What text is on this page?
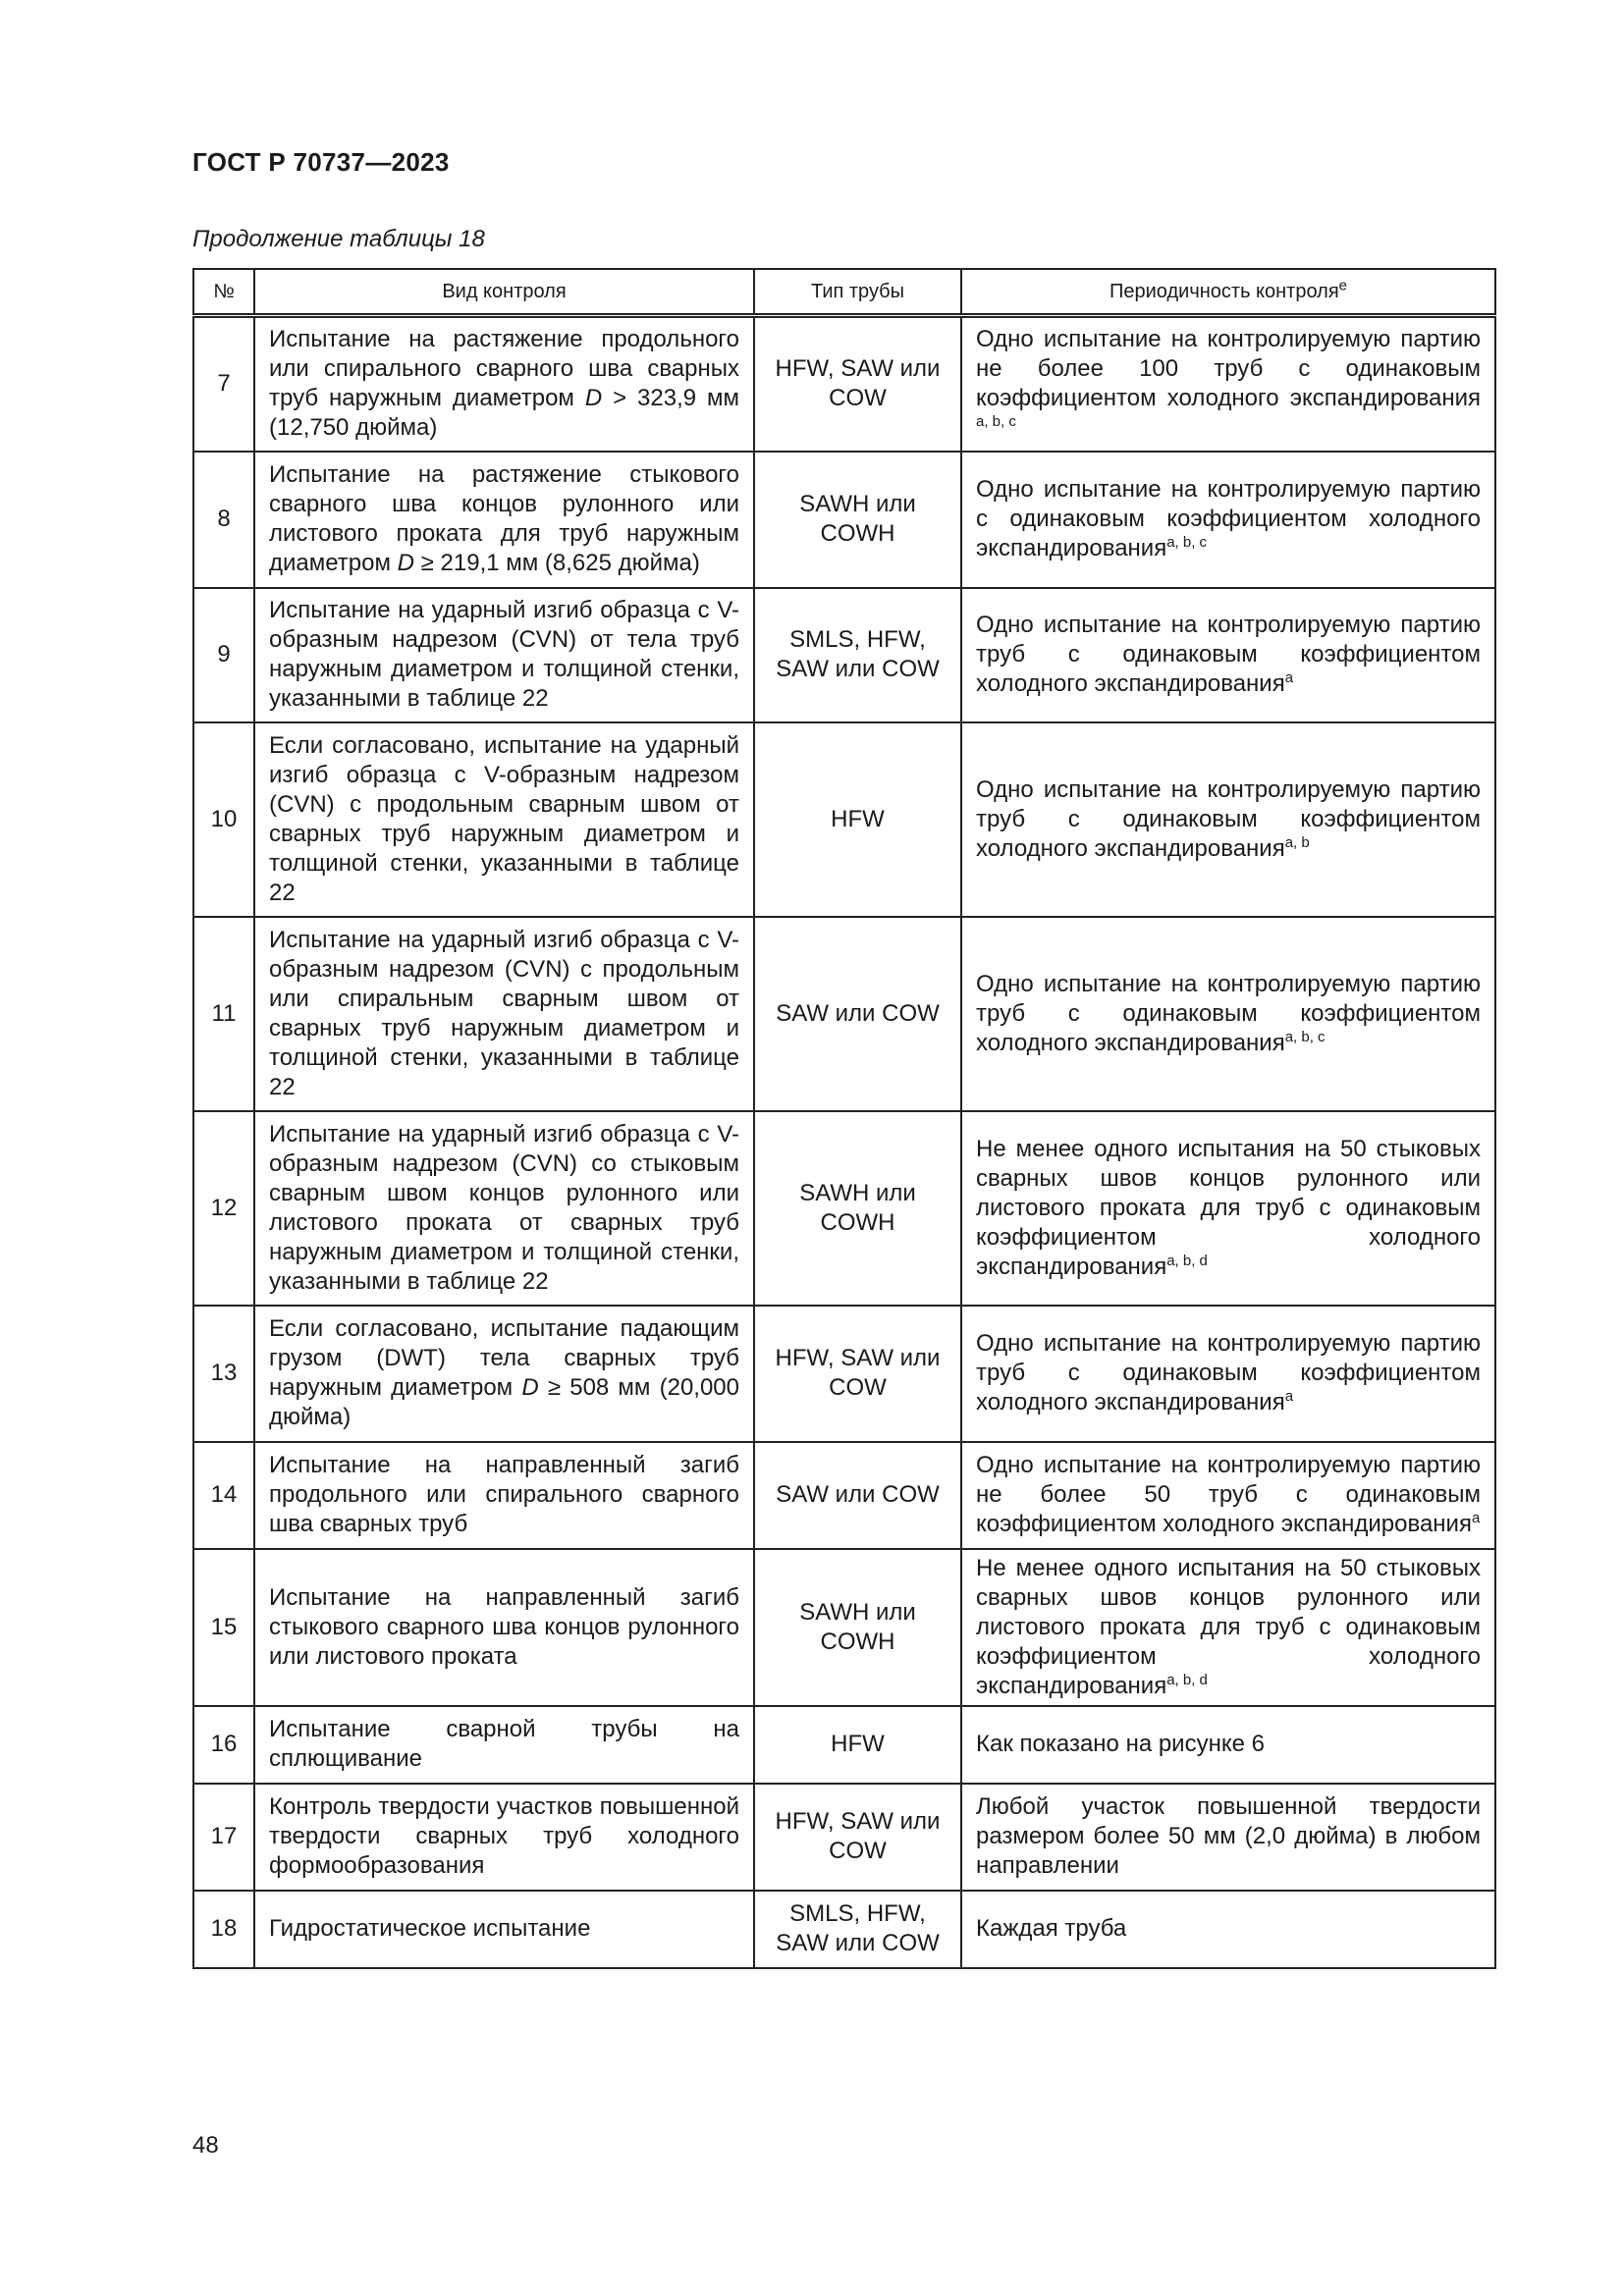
ГОСТ Р 70737—2023
Продолжение таблицы 18
№	Вид контроля	Тип трубы	Периодичность контроля$^е$
7	Испытание на растяжение продольного или спирального сварного шва сварных труб наружным диаметром D > 323,9 мм (12,750 дюйма)	HFW, SAW или COW	Одно испытание на контролируемую партию не более 100 труб с одинаковым коэффициентом холодного экспандирования $^{a, b, c}$
8	Испытание на растяжение стыкового сварного шва концов рулонного или листового проката для труб наружным диаметром D ≥ 219,1 мм (8,625 дюйма)	SAWH или COWH	Одно испытание на контролируемую партию с одинаковым коэффициентом холодного экспандирования$^{a, b, c}$
9	Испытание на ударный изгиб образца с V-образным надрезом (CVN) от тела труб наружным диаметром и толщиной стенки, указанными в таблице 22	SMLS, HFW, SAW или COW	Одно испытание на контролируемую партию труб с одинаковым коэффициентом холодного экспандирования$^a$
10	Если согласовано, испытание на ударный изгиб образца с V-образным надрезом (CVN) с продольным сварным швом от сварных труб наружным диаметром и толщиной стенки, указанными в таблице 22	HFW	Одно испытание на контролируемую партию труб с одинаковым коэффициентом холодного экспандирования$^{a, b}$
11	Испытание на ударный изгиб образца с V-образным надрезом (CVN) с продольным или спиральным сварным швом от сварных труб наружным диаметром и толщиной стенки, указанными в таблице 22	SAW или COW	Одно испытание на контролируемую партию труб с одинаковым коэффициентом холодного экспандирования$^{a, b, c}$
12	Испытание на ударный изгиб образца с V-образным надрезом (CVN) со стыковым сварным швом концов рулонного или листового проката от сварных труб наружным диаметром и толщиной стенки, указанными в таблице 22	SAWH или COWH	Не менее одного испытания на 50 стыковых сварных швов концов рулонного или листового проката для труб с одинаковым коэффициентом холодного экспандирования$^{a, b, d}$
13	Если согласовано, испытание падающим грузом (DWT) тела сварных труб наружным диаметром D ≥ 508 мм (20,000 дюйма)	HFW, SAW или COW	Одно испытание на контролируемую партию труб с одинаковым коэффициентом холодного экспандирования$^a$
14	Испытание на направленный загиб продольного или спирального сварного шва сварных труб	SAW или COW	Одно испытание на контролируемую партию не более 50 труб с одинаковым коэффициентом холодного экспандирования$^a$
15	Испытание на направленный загиб стыкового сварного шва концов рулонного или листового проката	SAWH или COWH	Не менее одного испытания на 50 стыковых сварных швов концов рулонного или листового проката для труб с одинаковым коэффициентом холодного экспандирования$^{a, b, d}$
16	Испытание сварной трубы на сплющивание	HFW	Как показано на рисунке 6
17	Контроль твердости участков повышенной твердости сварных труб холодного формообразования	HFW, SAW или COW	Любой участок повышенной твердости размером более 50 мм (2,0 дюйма) в любом направлении
18	Гидростатическое испытание	SMLS, HFW, SAW или COW	Каждая труба
48
